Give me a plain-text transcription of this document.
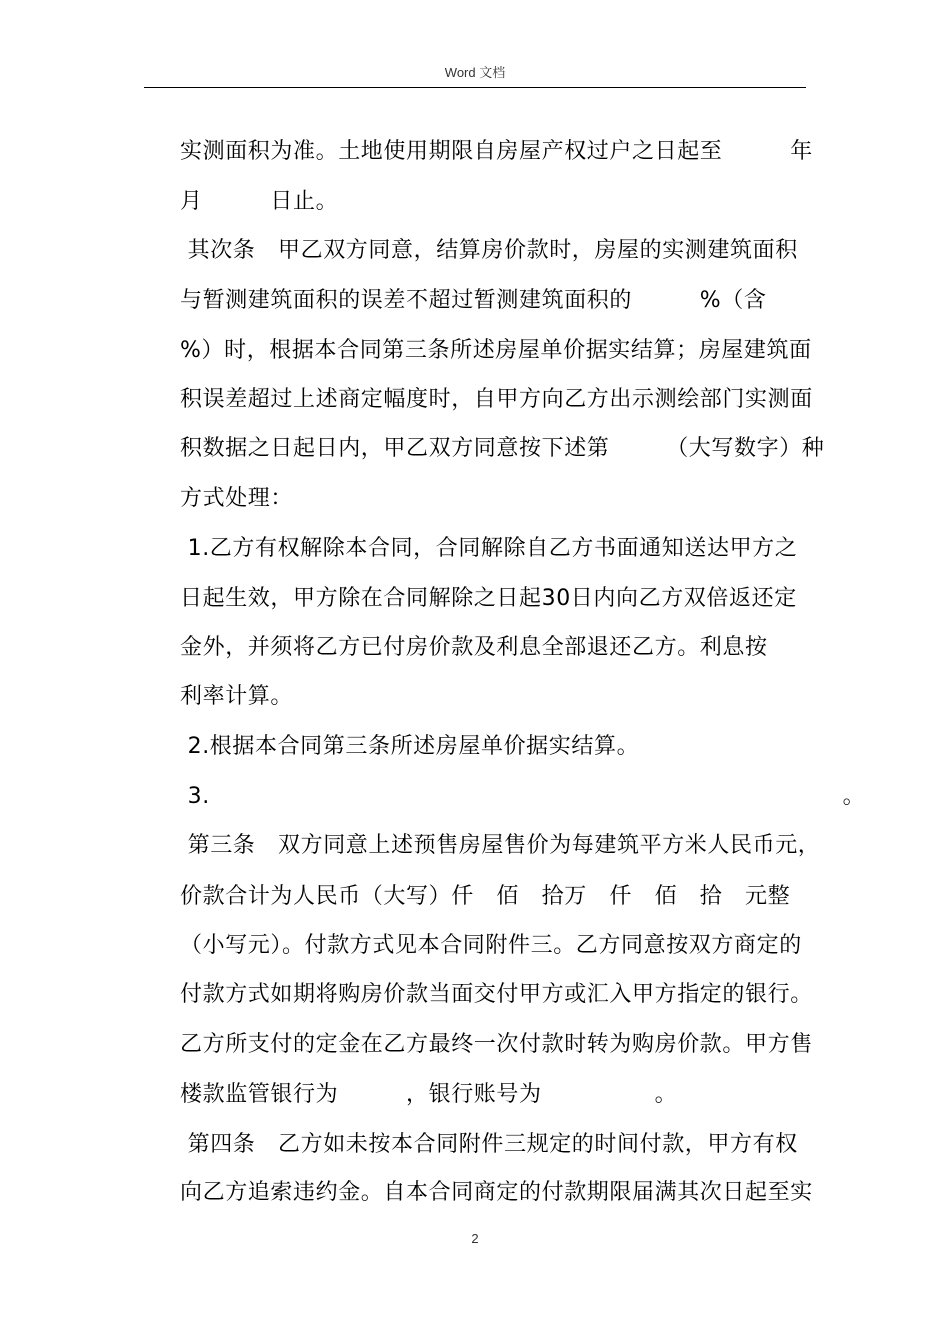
Word 文档
实测面积为准。土地使用期限自房屋产权过户之日起至　　　年
月　　　日止。
其次条　甲乙双方同意，结算房价款时，房屋的实测建筑面积
与暂测建筑面积的误差不超过暂测建筑面积的　　　%（含
%）时，根据本合同第三条所述房屋单价据实结算；房屋建筑面
积误差超过上述商定幅度时，自甲方向乙方出示测绘部门实测面
积数据之日起日内，甲乙双方同意按下述第　　　（大写数字）种
方式处理：
1.乙方有权解除本合同，合同解除自乙方书面通知送达甲方之
日起生效，甲方除在合同解除之日起30日内向乙方双倍返还定
金外，并须将乙方已付房价款及利息全部退还乙方。利息按
利率计算。
2.根据本合同第三条所述房屋单价据实结算。
3.　　　　　　　　　　　　　　　　　　　　　　　　　　　　。
第三条　双方同意上述预售房屋售价为每建筑平方米人民币元，
价款合计为人民币（大写）仟　佰　拾万　仟　佰　拾　元整
（小写元）。付款方式见本合同附件三。乙方同意按双方商定的
付款方式如期将购房价款当面交付甲方或汇入甲方指定的银行。
乙方所支付的定金在乙方最终一次付款时转为购房价款。甲方售
楼款监管银行为　　　，银行账号为　　　　　。
第四条　乙方如未按本合同附件三规定的时间付款，甲方有权
向乙方追索违约金。自本合同商定的付款期限届满其次日起至实
2
